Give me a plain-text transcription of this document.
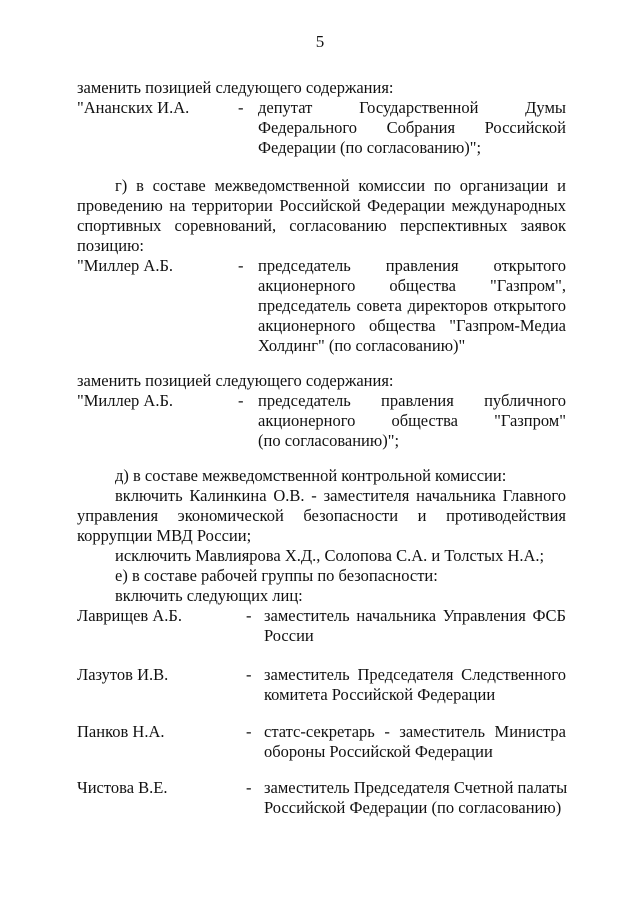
5
заменить позицией следующего содержания:
"Ананских И.А.	- депутат Государственной Думы
Федерального Собрания Российской
Федерации (по согласованию)";
г) в составе межведомственной комиссии по организации и
проведению на территории Российской Федерации международных
спортивных соревнований, согласованию перспективных заявок
позицию:
"Миллер А.Б.	- председатель правления открытого
акционерного общества "Газпром",
председатель совета директоров открытого
акционерного общества "Газпром-Медиа
Холдинг" (по согласованию)"
заменить позицией следующего содержания:
"Миллер А.Б.	- председатель правления публичного
акционерного общества "Газпром"
(по согласованию)";
д) в составе межведомственной контрольной комиссии:
включить Калинкина О.В. - заместителя начальника Главного
управления экономической безопасности и противодействия
коррупции МВД России;
исключить Мавлиярова Х.Д., Солопова С.А. и Толстых Н.А.;
е) в составе рабочей группы по безопасности:
включить следующих лиц:
Лаврищев А.Б.	- заместитель начальника Управления ФСБ
России
Лазутов И.В.	- заместитель Председателя Следственного
комитета Российской Федерации
Панков Н.А.	- статс-секретарь - заместитель Министра
обороны Российской Федерации
Чистова В.Е.	- заместитель Председателя Счетной палаты
Российской Федерации (по согласованию)
